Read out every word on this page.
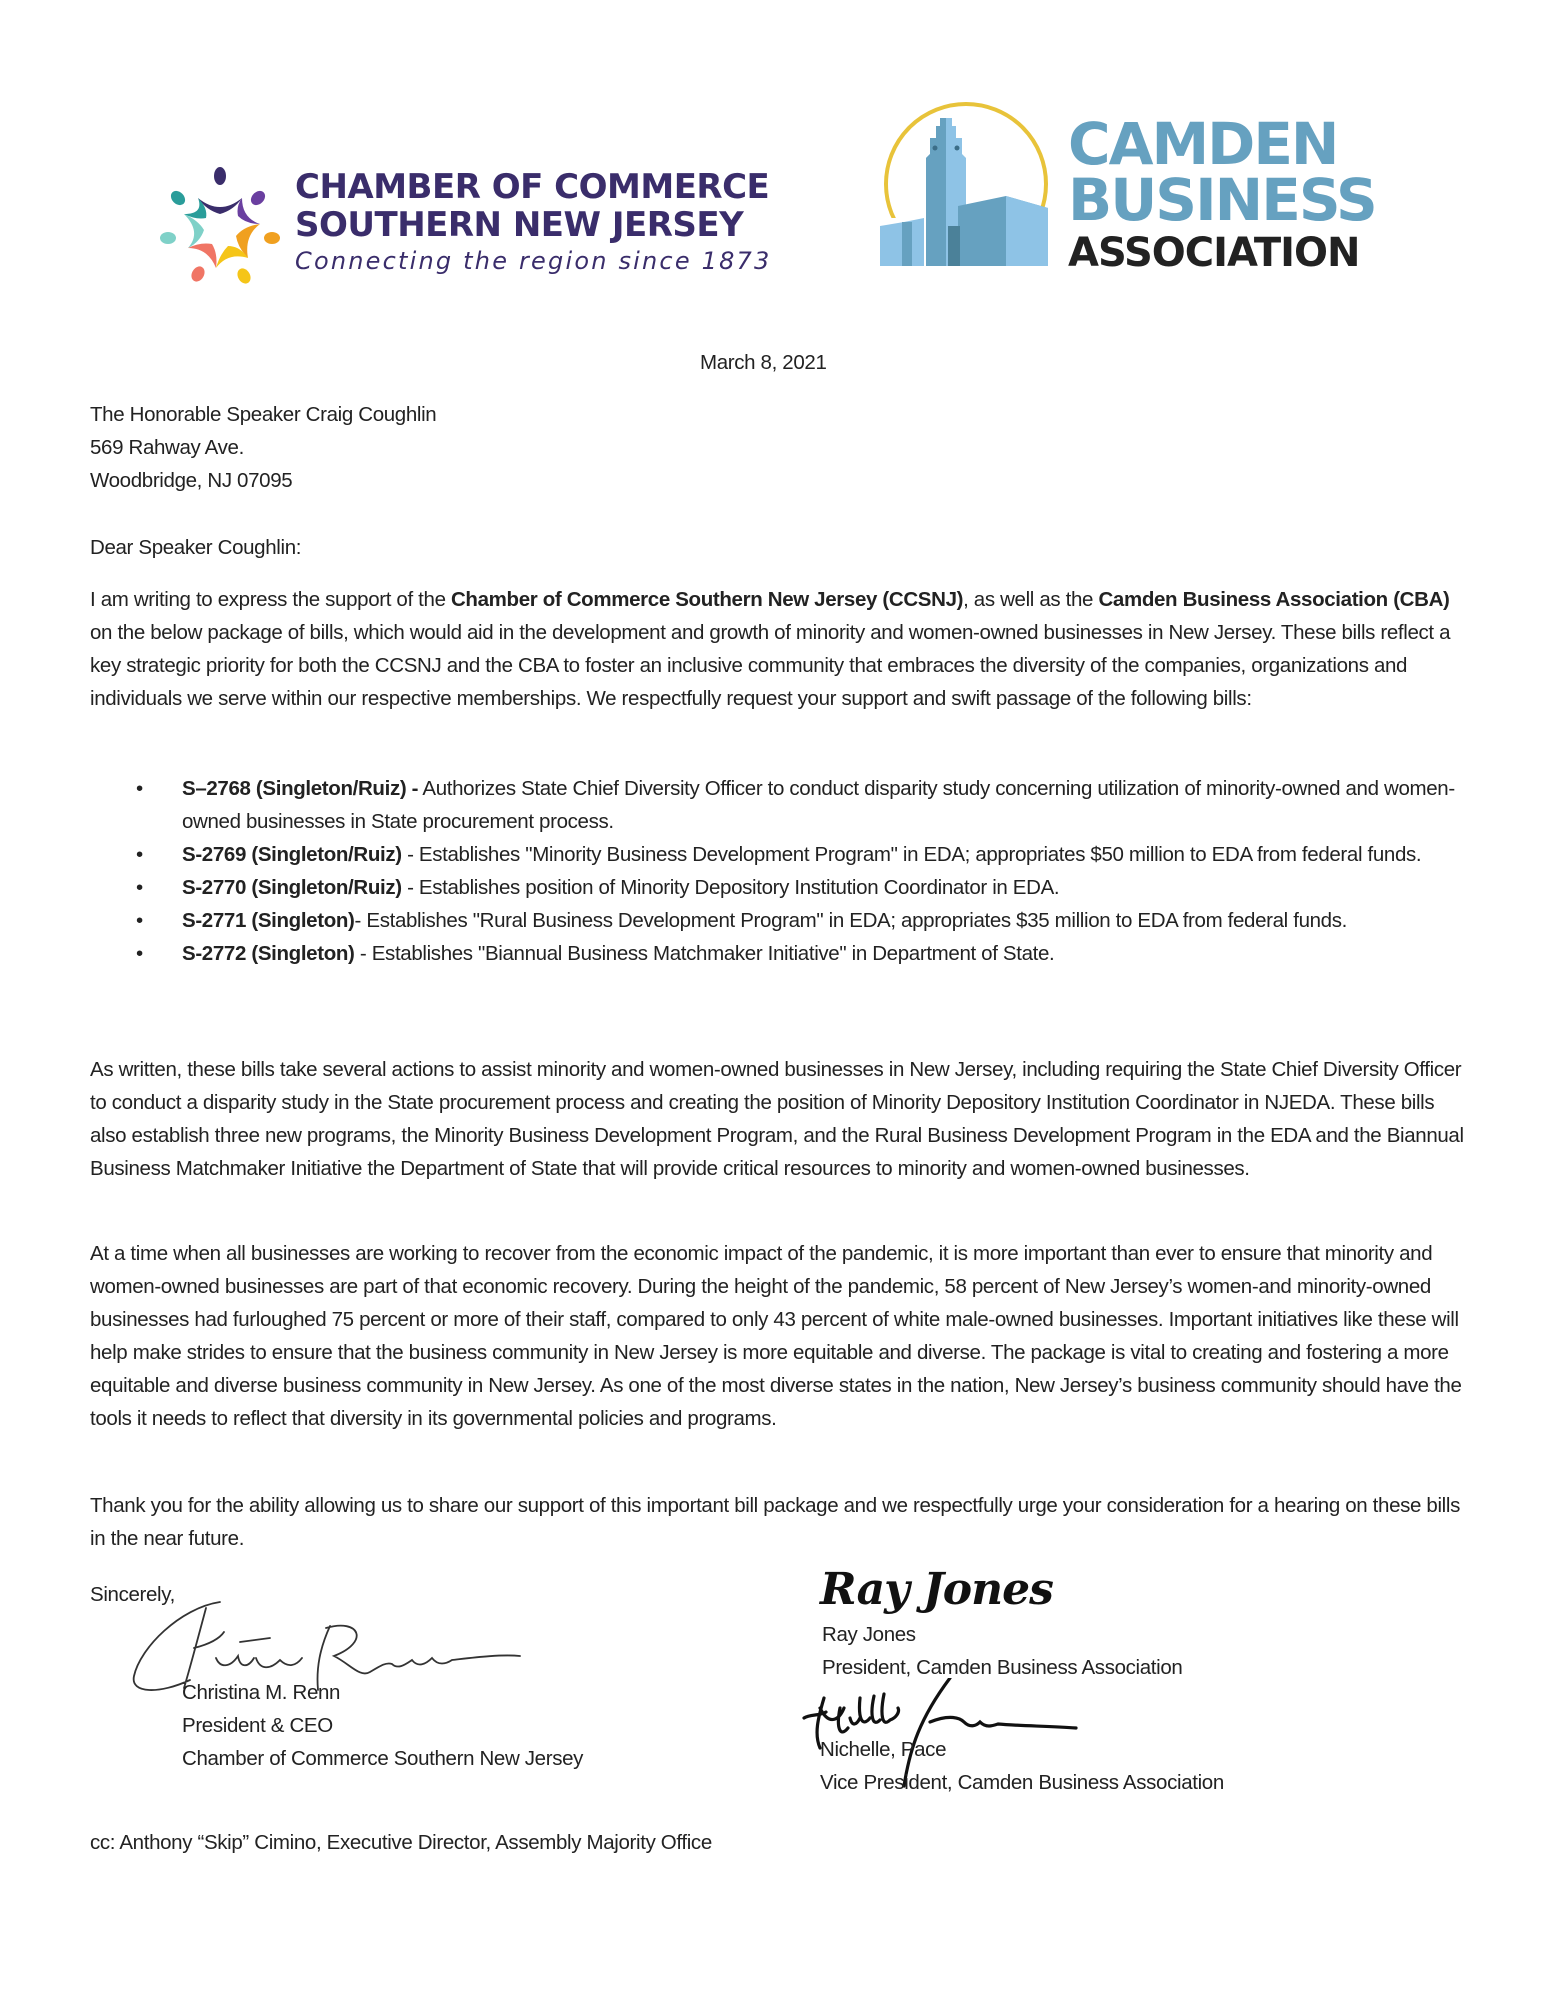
CHAMBER OF COMMERCE
SOUTHERN NEW JERSEY
Connecting the region since 1873
CAMDEN
BUSINESS
ASSOCIATION
March 8, 2021
The Honorable Speaker Craig Coughlin
569 Rahway Ave.
Woodbridge, NJ 07095
Dear Speaker Coughlin:

I am writing to express the support of the Chamber of Commerce Southern New Jersey (CCSNJ), as well as the Camden Business Association (CBA) on the below package of bills, which would aid in the development and growth of minority and women-owned businesses in New Jersey. These bills reflect a key strategic priority for both the CCSNJ and the CBA to foster an inclusive community that embraces the diversity of the companies, organizations and individuals we serve within our respective memberships. We respectfully request your support and swift passage of the following bills:

• S–2768 (Singleton/Ruiz) - Authorizes State Chief Diversity Officer to conduct disparity study concerning utilization of minority-owned and women-owned businesses in State procurement process.
• S-2769 (Singleton/Ruiz) - Establishes "Minority Business Development Program" in EDA; appropriates $50 million to EDA from federal funds.
• S-2770 (Singleton/Ruiz) - Establishes position of Minority Depository Institution Coordinator in EDA.
• S-2771 (Singleton)- Establishes "Rural Business Development Program" in EDA; appropriates $35 million to EDA from federal funds.
• S-2772 (Singleton) - Establishes "Biannual Business Matchmaker Initiative" in Department of State.

As written, these bills take several actions to assist minority and women-owned businesses in New Jersey, including requiring the State Chief Diversity Officer to conduct a disparity study in the State procurement process and creating the position of Minority Depository Institution Coordinator in NJEDA. These bills also establish three new programs, the Minority Business Development Program, and the Rural Business Development Program in the EDA and the Biannual Business Matchmaker Initiative the Department of State that will provide critical resources to minority and women-owned businesses.

At a time when all businesses are working to recover from the economic impact of the pandemic, it is more important than ever to ensure that minority and women-owned businesses are part of that economic recovery. During the height of the pandemic, 58 percent of New Jersey’s women-and minority-owned businesses had furloughed 75 percent or more of their staff, compared to only 43 percent of white male-owned businesses. Important initiatives like these will help make strides to ensure that the business community in New Jersey is more equitable and diverse. The package is vital to creating and fostering a more equitable and diverse business community in New Jersey. As one of the most diverse states in the nation, New Jersey’s business community should have the tools it needs to reflect that diversity in its governmental policies and programs.

Thank you for the ability allowing us to share our support of this important bill package and we respectfully urge your consideration for a hearing on these bills in the near future.

Sincerely,
Christina M. Renn
President & CEO
Chamber of Commerce Southern New Jersey
Ray Jones
Ray Jones
President, Camden Business Association
Nichelle, Pace
Vice President, Camden Business Association
cc: Anthony “Skip” Cimino, Executive Director, Assembly Majority Office
